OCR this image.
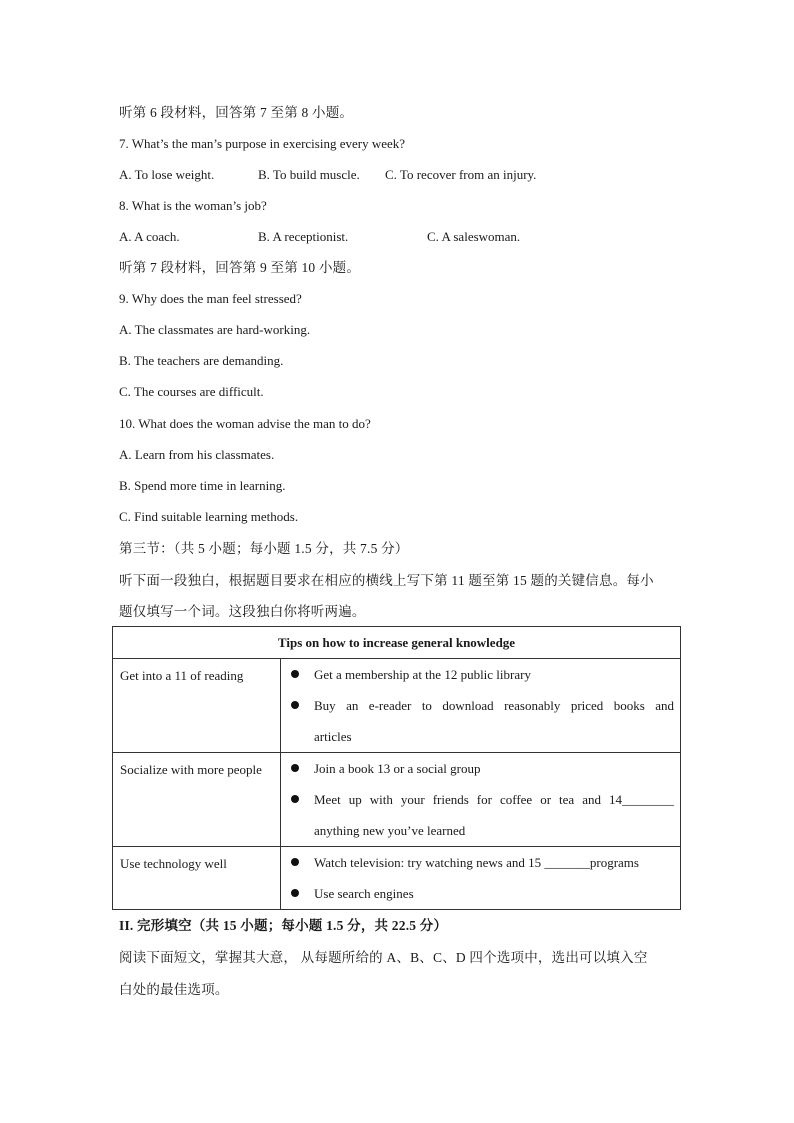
听第 6 段材料，回答第 7 至第 8 小题。
7. What’s the man’s purpose in exercising every week?
A. To lose weight.	B. To build muscle. C. To recover from an injury.
8. What is the woman’s job?
A. A coach.	B. A receptionist.	C. A saleswoman.
听第 7 段材料，回答第 9 至第 10 小题。
9. Why does the man feel stressed?
A. The classmates are hard-working.
B. The teachers are demanding.
C. The courses are difficult.
10. What does the woman advise the man to do?
A. Learn from his classmates.
B. Spend more time in learning.
C. Find suitable learning methods.
第三节：（共 5 小题；每小题 1.5 分，共 7.5 分）
听下面一段独白，根据题目要求在相应的横线上写下第 11 题至第 15 题的关键信息。每小
题仅填写一个词。这段独白你将听两遍。
Tips on how to increase general knowledge	
Get into a 11 of reading	Get a membership at the 12 public library
Buy an e-reader to download reasonably priced books and
articles

Socialize with more people	Join a book 13 or a social group
Meet up with your friends for coffee or tea and 14________
anything new you’ve learned

Use technology well	Watch television: try watching news and 15 _______programs
Use search engines
II. 完形填空（共 15 小题；每小题 1.5 分，共 22.5 分）
阅读下面短文，掌握其大意， 从每题所给的 A、B、C、D 四个选项中，选出可以填入空
白处的最佳选项。
